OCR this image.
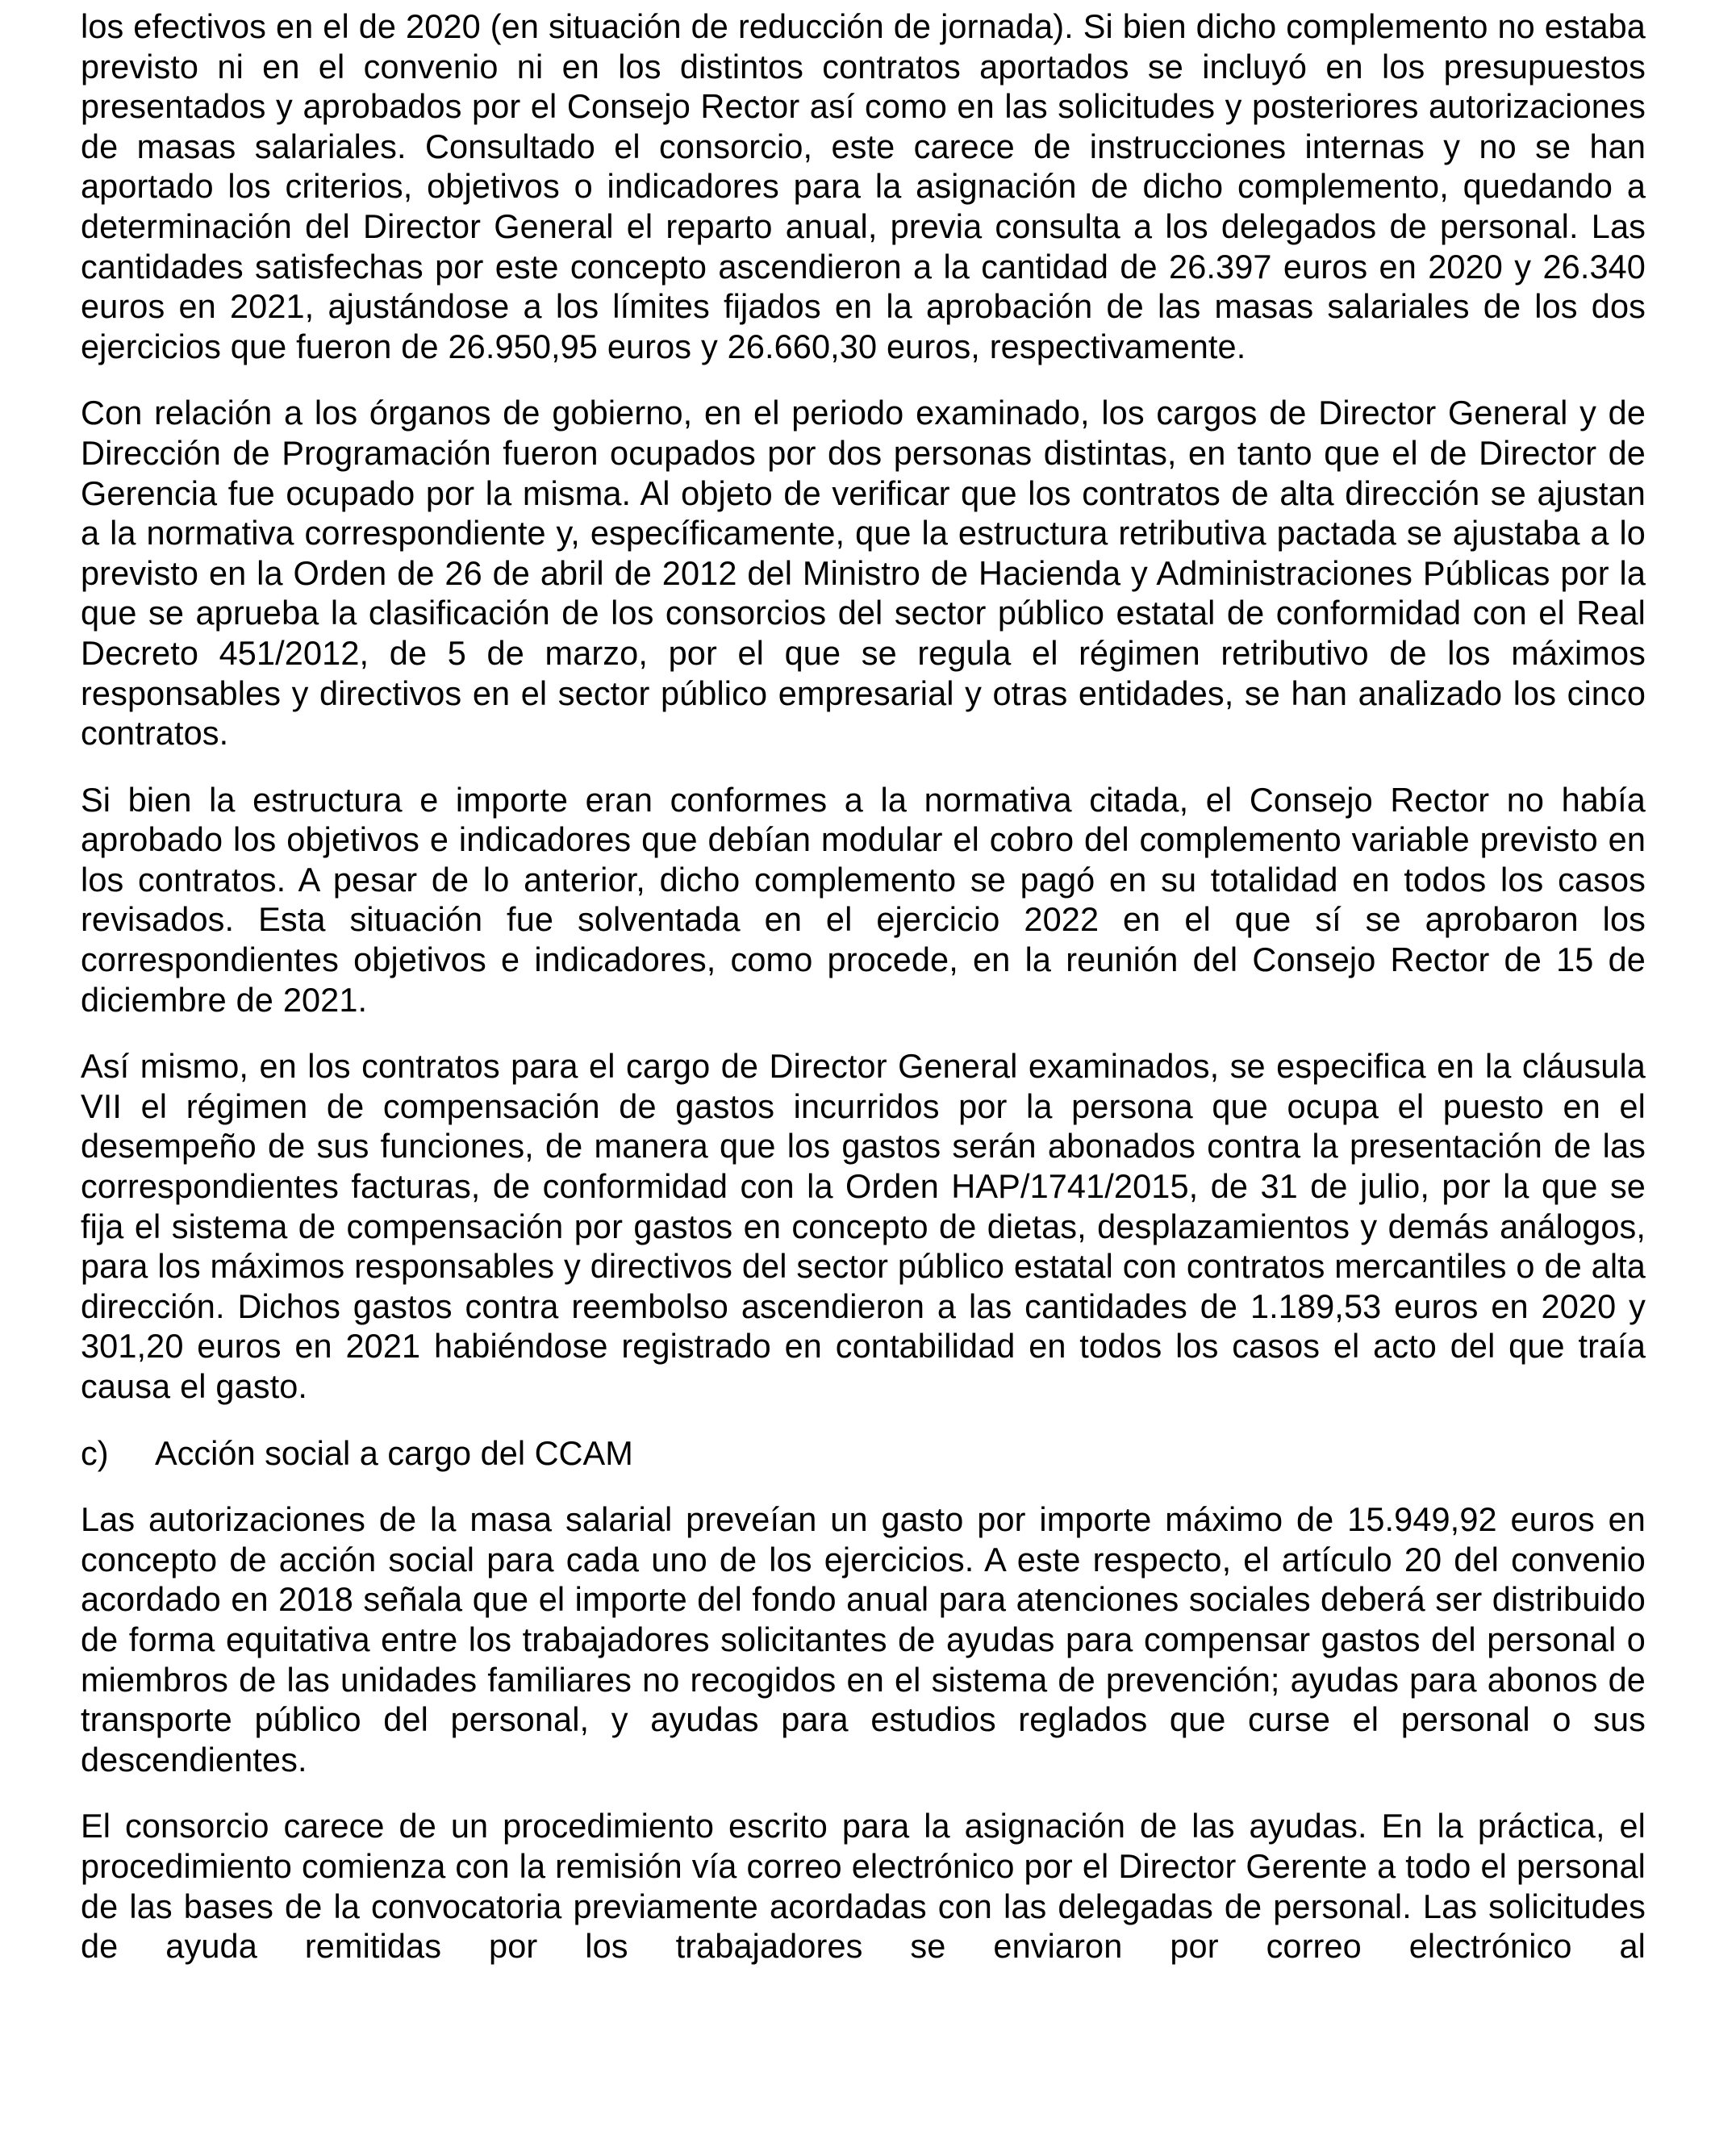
los efectivos en el de 2020 (en situación de reducción de jornada). Si bien dicho complemento no estaba previsto ni en el convenio ni en los distintos contratos aportados se incluyó en los presupuestos presentados y aprobados por el Consejo Rector así como en las solicitudes y posteriores autorizaciones de masas salariales. Consultado el consorcio, este carece de instrucciones internas y no se han aportado los criterios, objetivos o indicadores para la asignación de dicho complemento, quedando a determinación del Director General el reparto anual, previa consulta a los delegados de personal. Las cantidades satisfechas por este concepto ascendieron a la cantidad de 26.397 euros en 2020 y 26.340 euros en 2021, ajustándose a los límites fijados en la aprobación de las masas salariales de los dos ejercicios que fueron de 26.950,95 euros y 26.660,30 euros, respectivamente.

Con relación a los órganos de gobierno, en el periodo examinado, los cargos de Director General y de Dirección de Programación fueron ocupados por dos personas distintas, en tanto que el de Director de Gerencia fue ocupado por la misma. Al objeto de verificar que los contratos de alta dirección se ajustan a la normativa correspondiente y, específicamente, que la estructura retributiva pactada se ajustaba a lo previsto en la Orden de 26 de abril de 2012 del Ministro de Hacienda y Administraciones Públicas por la que se aprueba la clasificación de los consorcios del sector público estatal de conformidad con el Real Decreto 451/2012, de 5 de marzo, por el que se regula el régimen retributivo de los máximos responsables y directivos en el sector público empresarial y otras entidades, se han analizado los cinco contratos.

Si bien la estructura e importe eran conformes a la normativa citada, el Consejo Rector no había aprobado los objetivos e indicadores que debían modular el cobro del complemento variable previsto en los contratos. A pesar de lo anterior, dicho complemento se pagó en su totalidad en todos los casos revisados. Esta situación fue solventada en el ejercicio 2022 en el que sí se aprobaron los correspondientes objetivos e indicadores, como procede, en la reunión del Consejo Rector de 15 de diciembre de 2021.

Así mismo, en los contratos para el cargo de Director General examinados, se especifica en la cláusula VII el régimen de compensación de gastos incurridos por la persona que ocupa el puesto en el desempeño de sus funciones, de manera que los gastos serán abonados contra la presentación de las correspondientes facturas, de conformidad con la Orden HAP/1741/2015, de 31 de julio, por la que se fija el sistema de compensación por gastos en concepto de dietas, desplazamientos y demás análogos, para los máximos responsables y directivos del sector público estatal con contratos mercantiles o de alta dirección. Dichos gastos contra reembolso ascendieron a las cantidades de 1.189,53 euros en 2020 y 301,20 euros en 2021 habiéndose registrado en contabilidad en todos los casos el acto del que traía causa el gasto.

c)	Acción social a cargo del CCAM

Las autorizaciones de la masa salarial preveían un gasto por importe máximo de 15.949,92 euros en concepto de acción social para cada uno de los ejercicios. A este respecto, el artículo 20 del convenio acordado en 2018 señala que el importe del fondo anual para atenciones sociales deberá ser distribuido de forma equitativa entre los trabajadores solicitantes de ayudas para compensar gastos del personal o miembros de las unidades familiares no recogidos en el sistema de prevención; ayudas para abonos de transporte público del personal, y ayudas para estudios reglados que curse el personal o sus descendientes.

El consorcio carece de un procedimiento escrito para la asignación de las ayudas. En la práctica, el procedimiento comienza con la remisión vía correo electrónico por el Director Gerente a todo el personal de las bases de la convocatoria previamente acordadas con las delegadas de personal. Las solicitudes de ayuda remitidas por los trabajadores se enviaron por correo electrónico al
